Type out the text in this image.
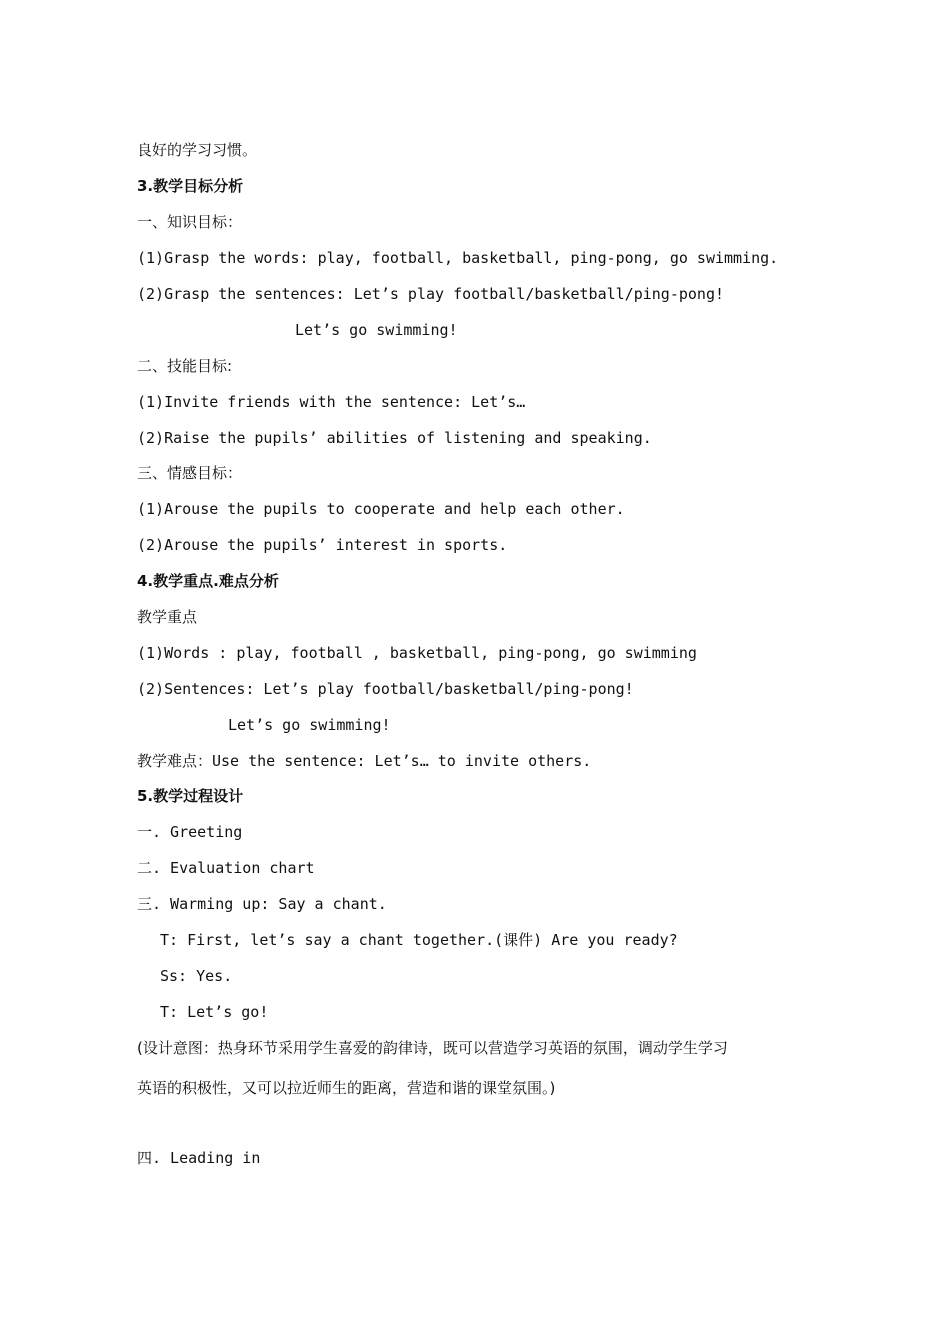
良好的学习习惯。
3.教学目标分析
一、知识目标：
(1)Grasp the words: play, football, basketball, ping-pong, go swimming.
(2)Grasp the sentences: Let’s play football/basketball/ping-pong!
Let’s go swimming!
二、技能目标:
(1)Invite friends with the sentence: Let’s…
(2)Raise the pupils’ abilities of listening and speaking.
三、情感目标：
(1)Arouse the pupils to cooperate and help each other.
(2)Arouse the pupils’ interest in sports.
4.教学重点.难点分析
教学重点
(1)Words : play, football , basketball, ping-pong, go swimming
(2)Sentences: Let’s play football/basketball/ping-pong!
Let’s go swimming!
教学难点：Use the sentence: Let’s… to invite others.
5.教学过程设计
一. Greeting
二. Evaluation chart
三. Warming up: Say a chant.
T: First, let’s say a chant together.(课件) Are you ready?
Ss: Yes.
T: Let’s go!
(设计意图：热身环节采用学生喜爱的韵律诗，既可以营造学习英语的氛围，调动学生学习
英语的积极性，又可以拉近师生的距离，营造和谐的课堂氛围。)
四. Leading in
